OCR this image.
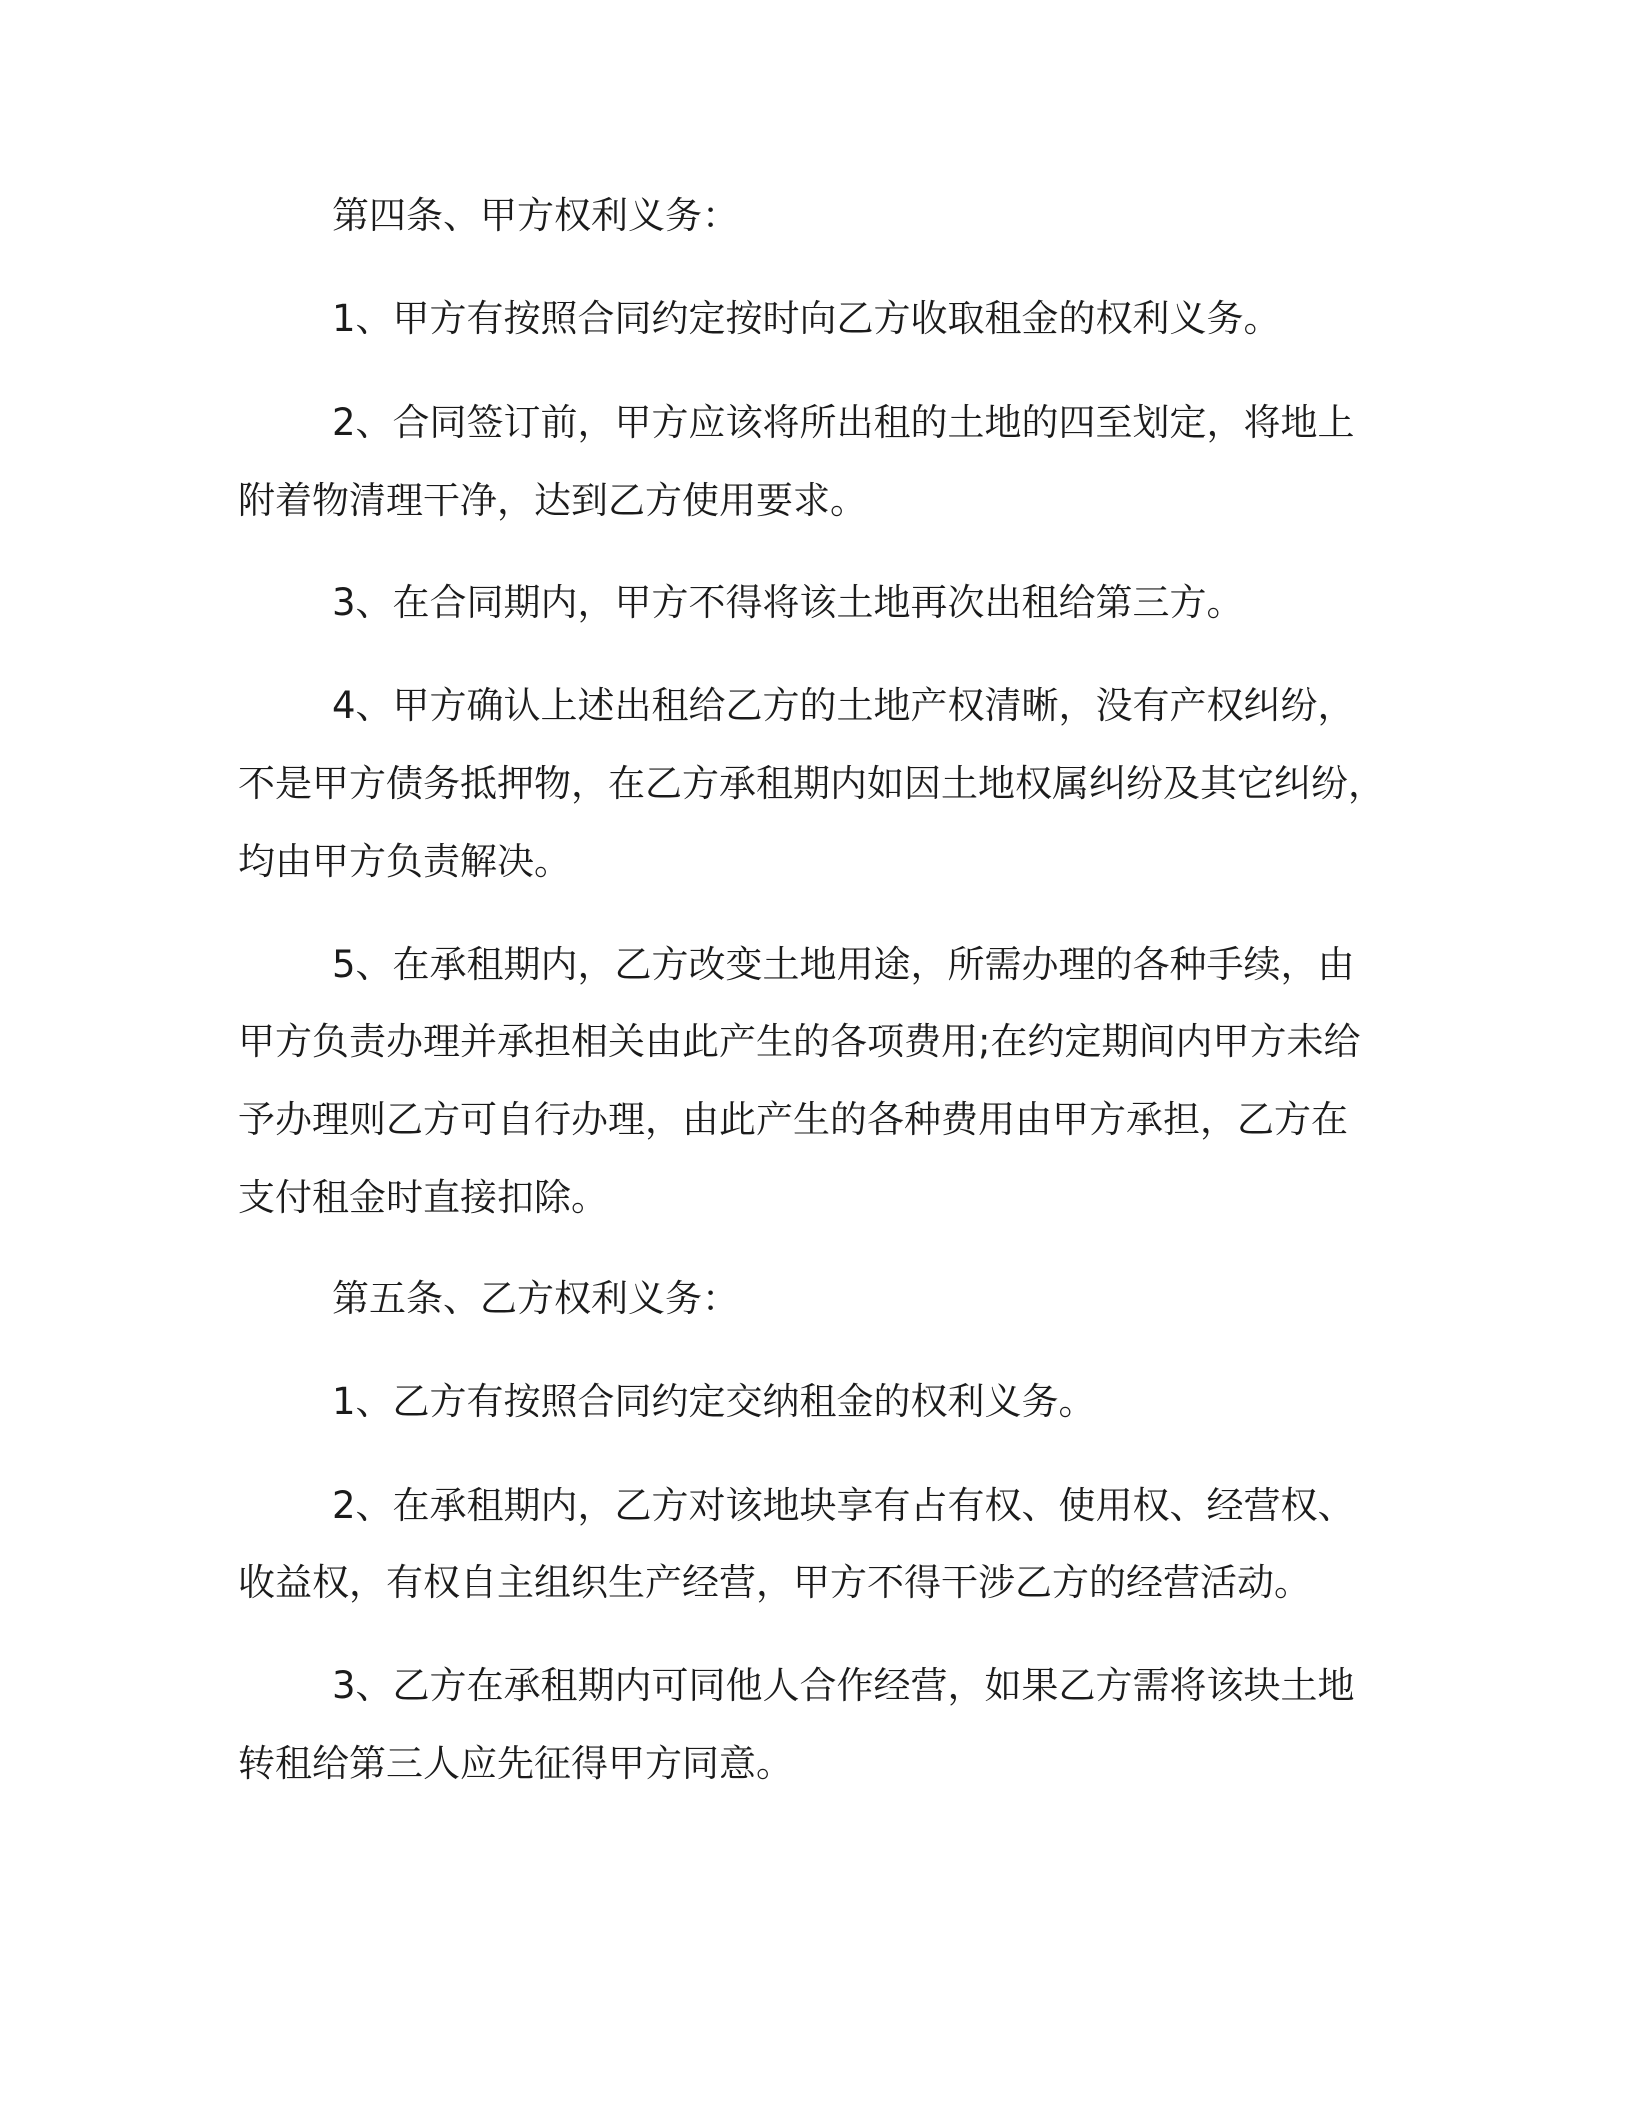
第四条、甲方权利义务：

1、甲方有按照合同约定按时向乙方收取租金的权利义务。

2、合同签订前，甲方应该将所出租的土地的四至划定，将地上

附着物清理干净，达到乙方使用要求。

3、在合同期内，甲方不得将该土地再次出租给第三方。

4、甲方确认上述出租给乙方的土地产权清晰，没有产权纠纷，

不是甲方债务抵押物，在乙方承租期内如因土地权属纠纷及其它纠纷，

均由甲方负责解决。

5、在承租期内，乙方改变土地用途，所需办理的各种手续，由

甲方负责办理并承担相关由此产生的各项费用;在约定期间内甲方未给

予办理则乙方可自行办理，由此产生的各种费用由甲方承担，乙方在

支付租金时直接扣除。

第五条、乙方权利义务：

1、乙方有按照合同约定交纳租金的权利义务。

2、在承租期内，乙方对该地块享有占有权、使用权、经营权、

收益权，有权自主组织生产经营，甲方不得干涉乙方的经营活动。

3、乙方在承租期内可同他人合作经营，如果乙方需将该块土地

转租给第三人应先征得甲方同意。
